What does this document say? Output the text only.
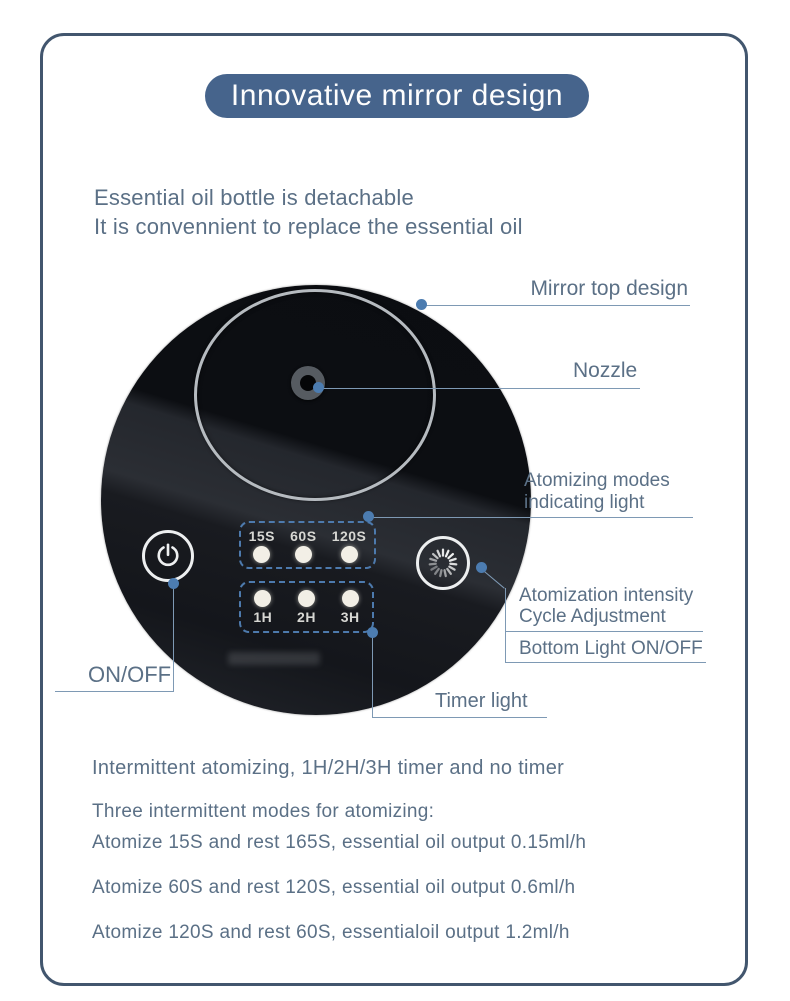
Innovative mirror design
Essential oil bottle is detachable
It is convennient to replace the essential oil
15S 60S 120S
1H 2H 3H
Mirror top design
Nozzle
Atomizing modes
indicating light
Atomization intensity
Cycle Adjustment
Bottom Light ON/OFF
ON/OFF
Timer light
Intermittent atomizing, 1H/2H/3H timer and no timer
Three intermittent modes for atomizing:
Atomize 15S and rest 165S, essential oil output 0.15ml/h
Atomize 60S and rest 120S, essential oil output 0.6ml/h
Atomize 120S and rest 60S, essentialoil output 1.2ml/h
